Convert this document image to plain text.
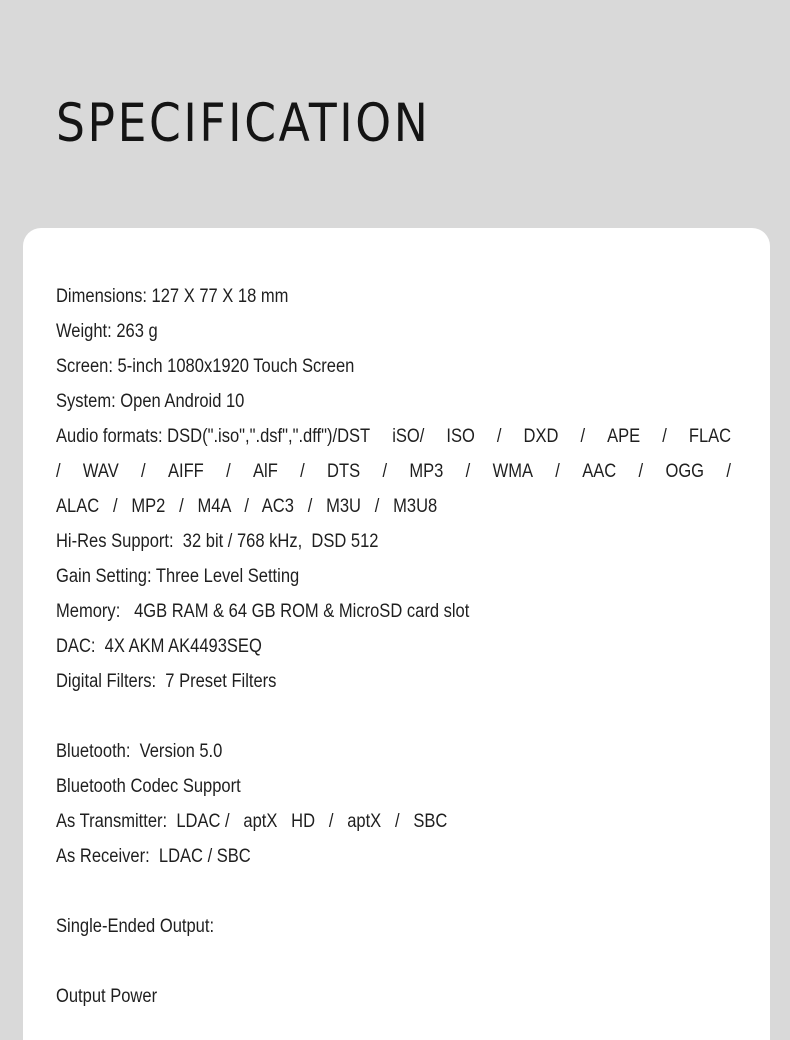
SPECIFICATION
Dimensions: 127 X 77 X 18 mm
Weight: 263 g
Screen: 5-inch 1080x1920 Touch Screen
System: Open Android 10
Audio formats: DSD(".iso",".dsf",".dff")/DST iSO/ ISO / DXD / APE / FLAC
/ WAV / AIFF / AlF / DTS / MP3 / WMA / AAC / OGG /
ALAC   /   MP2   /   M4A   /   AC3   /   M3U   /   M3U8
Hi-Res Support:  32 bit / 768 kHz,  DSD 512
Gain Setting: Three Level Setting
Memory:   4GB RAM & 64 GB ROM & MicroSD card slot
DAC:  4X AKM AK4493SEQ
Digital Filters:  7 Preset Filters
Bluetooth:  Version 5.0
Bluetooth Codec Support
As Transmitter:  LDAC /   aptX   HD   /   aptX   /   SBC
As Receiver:  LDAC / SBC
Single-Ended Output:
Output Power
